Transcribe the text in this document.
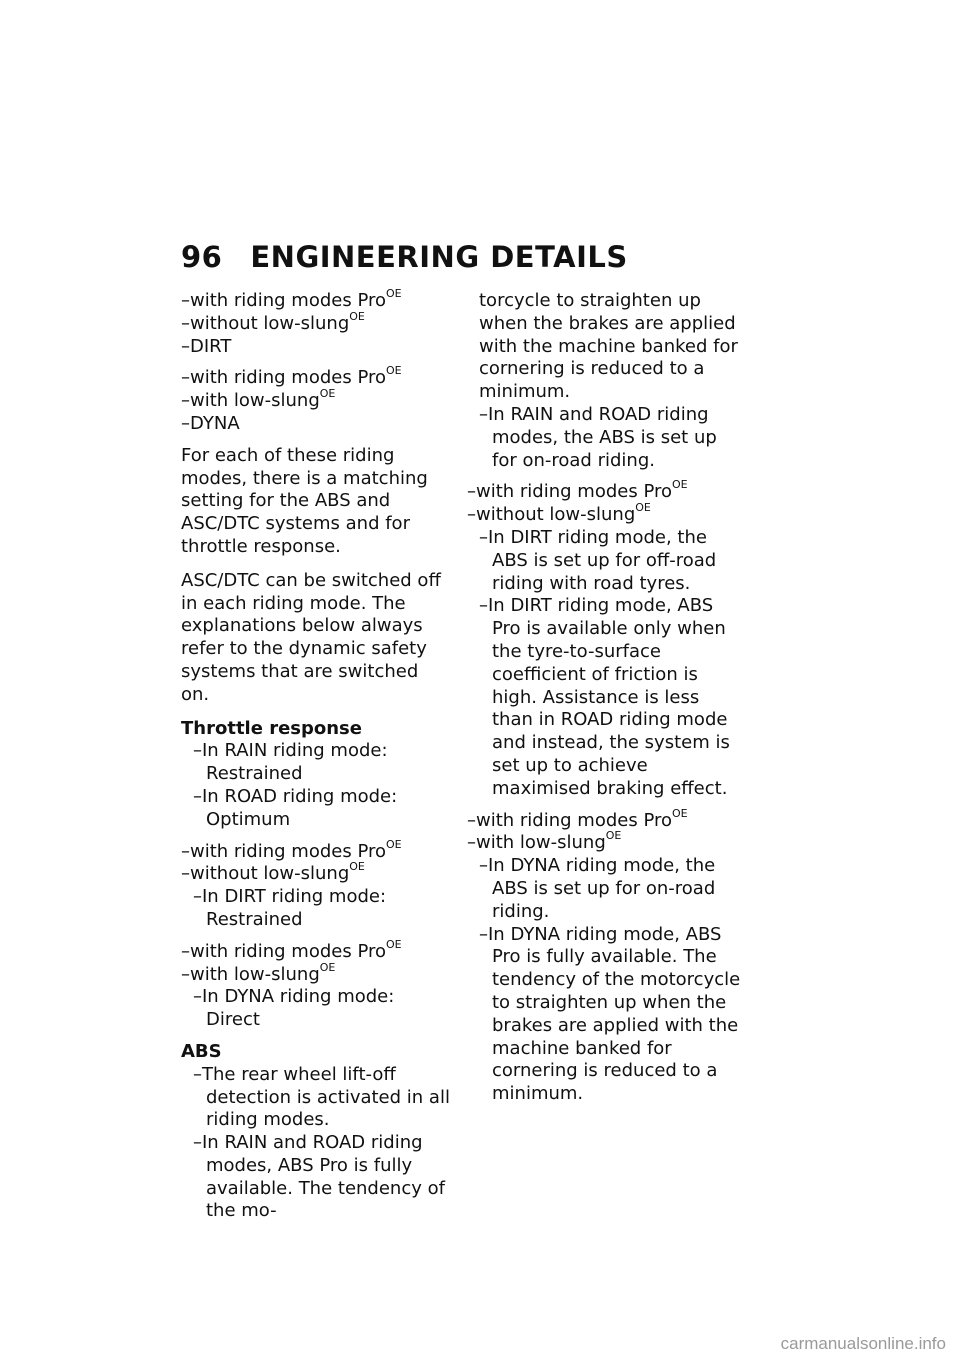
96 ENGINEERING DETAILS
–with riding modes Pro$^{OE}$
–without low-slung$^{OE}$
–DIRT
–with riding modes Pro$^{OE}$
–with low-slung$^{OE}$
–DYNA

For each of these riding modes, there is a matching setting for the ABS and ASC/DTC systems and for throttle response.

ASC/DTC can be switched off in each riding mode. The explanations below always refer to the dynamic safety systems that are switched on.

Throttle response
–In RAIN riding mode: Restrained
–In ROAD riding mode: Optimum
–with riding modes Pro$^{OE}$
–without low-slung$^{OE}$
–In DIRT riding mode: Restrained
–with riding modes Pro$^{OE}$
–with low-slung$^{OE}$
–In DYNA riding mode: Direct
ABS
–The rear wheel lift-off detection is activated in all riding modes.
–In RAIN and ROAD riding modes, ABS Pro is fully available. The tendency of the mo-
torcycle to straighten up when the brakes are applied with the machine banked for cornering is reduced to a minimum.
–In RAIN and ROAD riding modes, the ABS is set up for on-road riding.
–with riding modes Pro$^{OE}$
–without low-slung$^{OE}$
–In DIRT riding mode, the ABS is set up for off-road riding with road tyres.
–In DIRT riding mode, ABS Pro is available only when the tyre-to-surface coefficient of friction is high. Assistance is less than in ROAD riding mode and instead, the system is set up to achieve maximised braking effect.
–with riding modes Pro$^{OE}$
–with low-slung$^{OE}$
–In DYNA riding mode, the ABS is set up for on-road riding.
–In DYNA riding mode, ABS Pro is fully available. The tendency of the motorcycle to straighten up when the brakes are applied with the machine banked for cornering is reduced to a minimum.
carmanualsonline.info
